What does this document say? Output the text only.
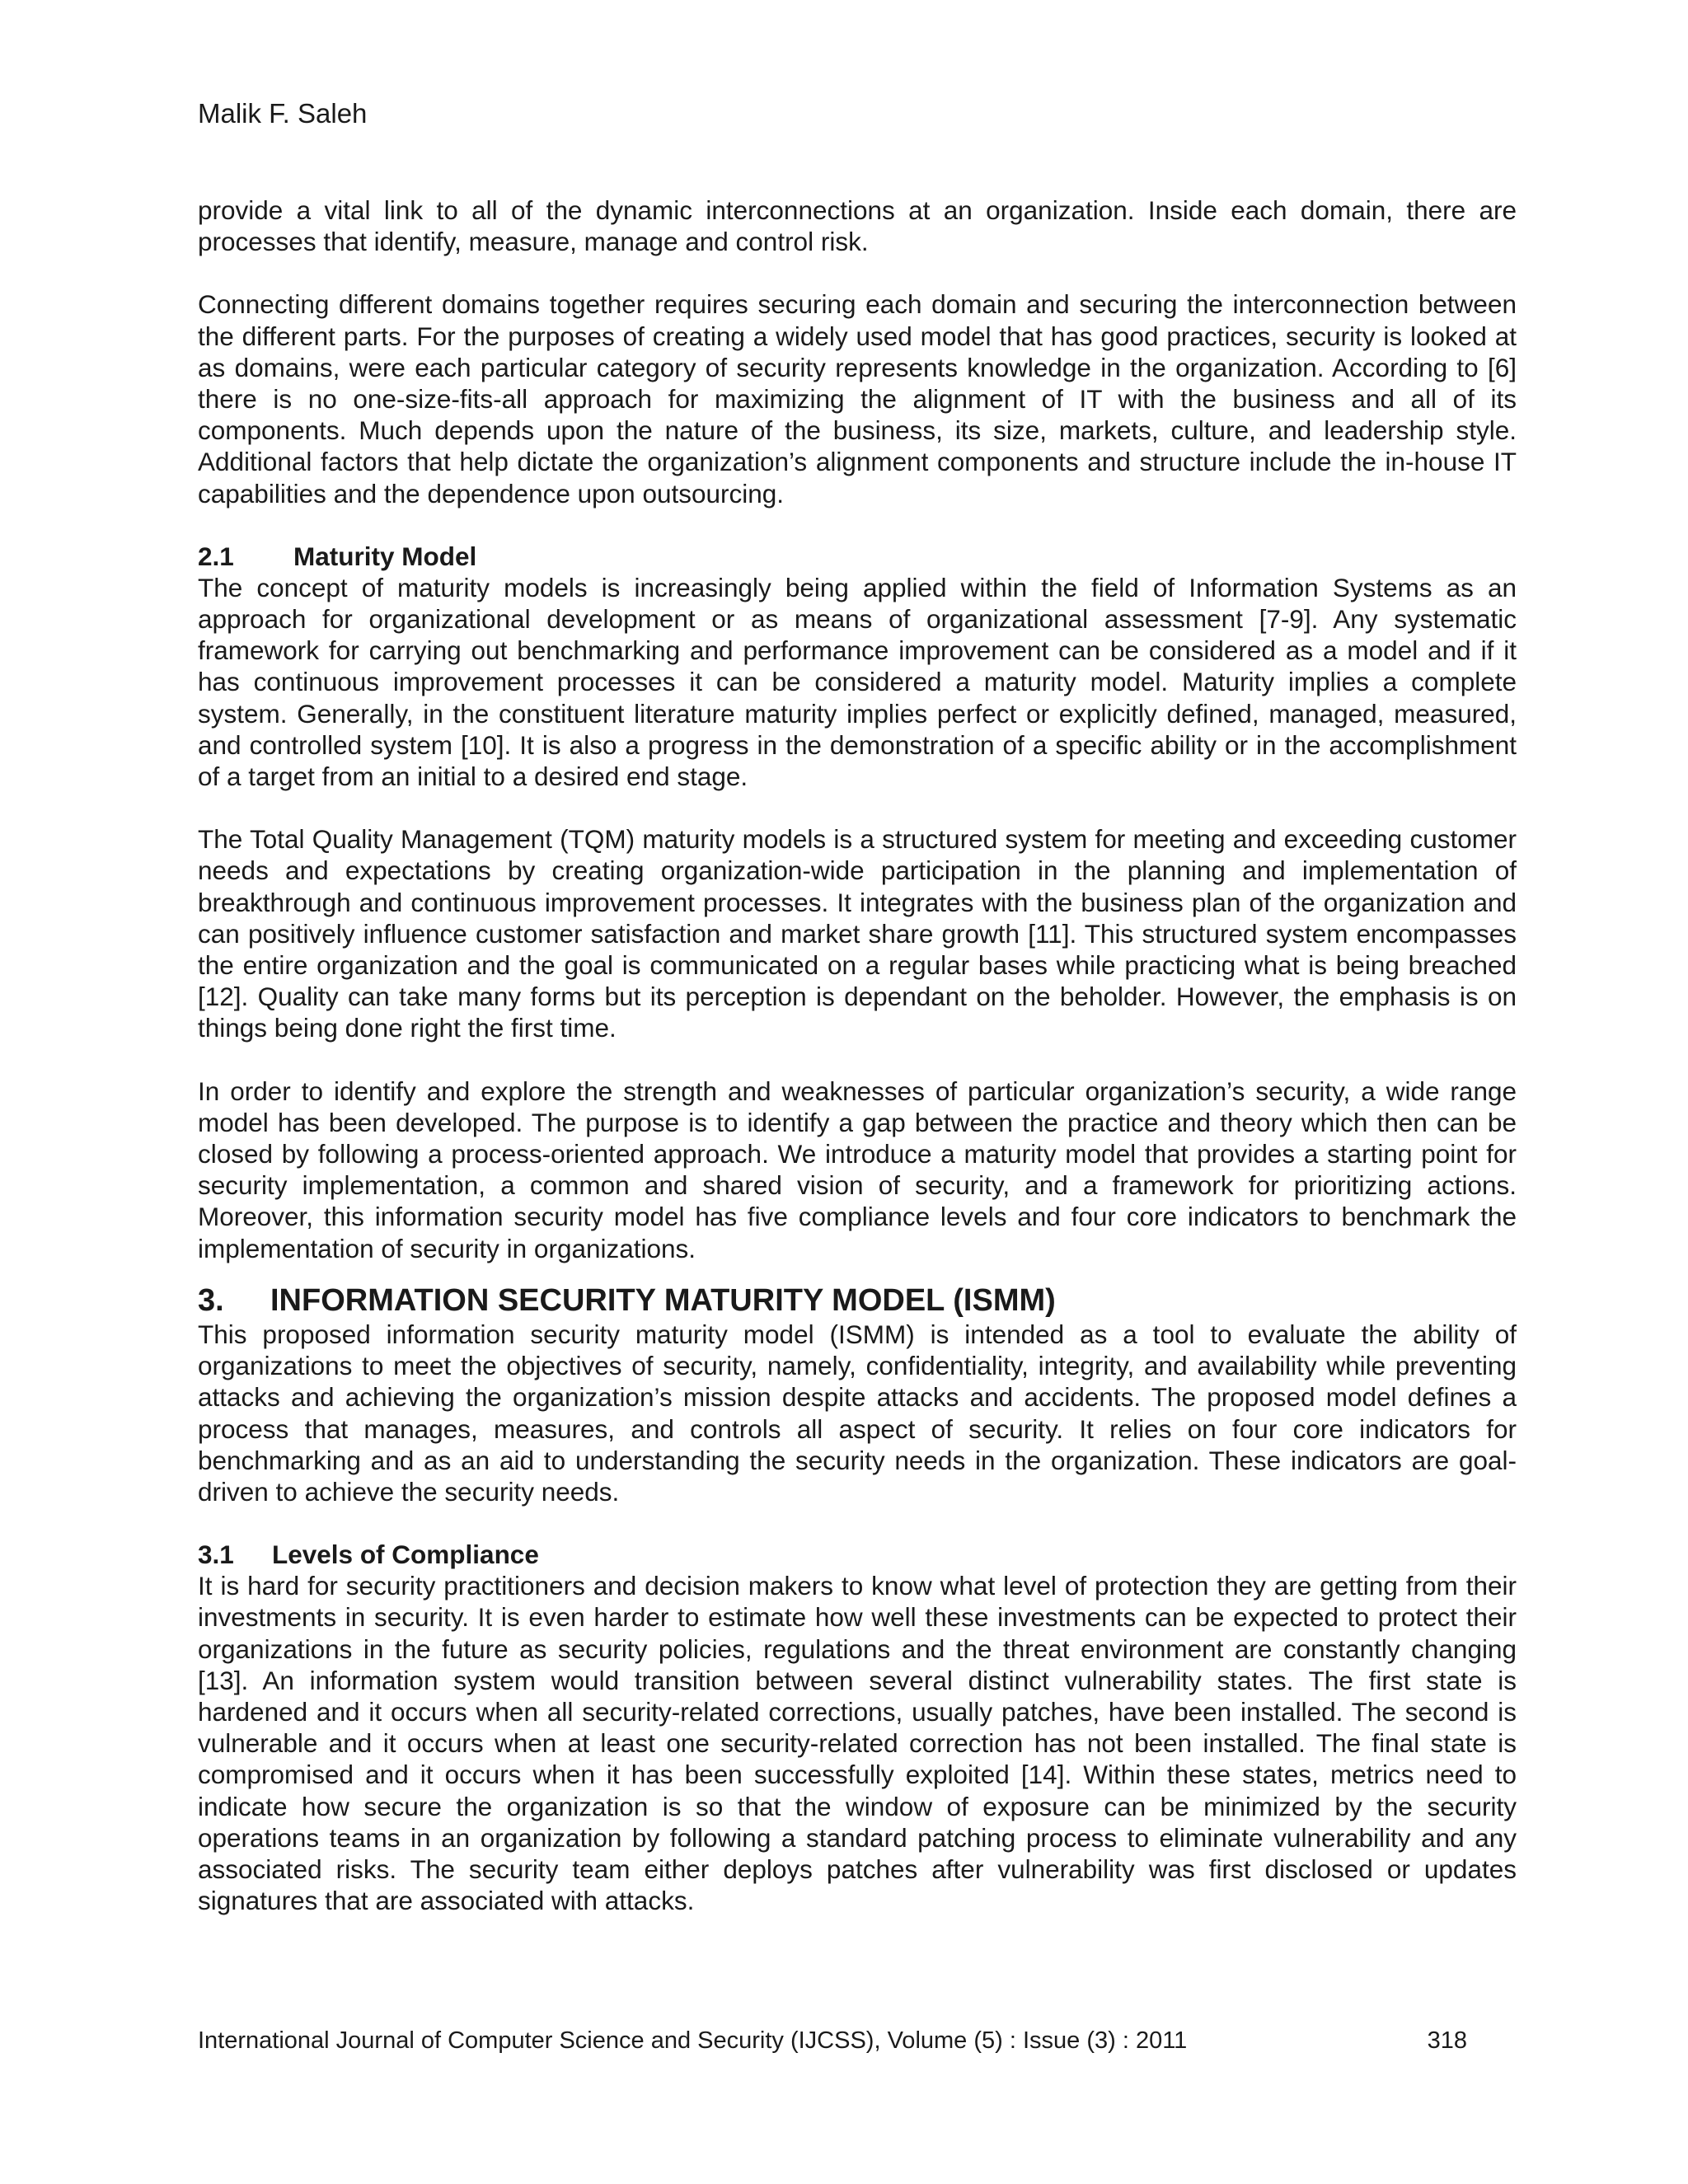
Malik F. Saleh

provide a vital link to all of the dynamic interconnections at an organization. Inside each domain, there are processes that identify, measure, manage and control risk.

Connecting different domains together requires securing each domain and securing the interconnection between the different parts. For the purposes of creating a widely used model that has good practices, security is looked at as domains, were each particular category of security represents knowledge in the organization. According to [6] there is no one-size-fits-all approach for maximizing the alignment of IT with the business and all of its components. Much depends upon the nature of the business, its size, markets, culture, and leadership style. Additional factors that help dictate the organization’s alignment components and structure include the in-house IT capabilities and the dependence upon outsourcing.

2.1	Maturity Model

The concept of maturity models is increasingly being applied within the field of Information Systems as an approach for organizational development or as means of organizational assessment [7-9]. Any systematic framework for carrying out benchmarking and performance improvement can be considered as a model and if it has continuous improvement processes it can be considered a maturity model. Maturity implies a complete system. Generally, in the constituent literature maturity implies perfect or explicitly defined, managed, measured, and controlled system [10]. It is also a progress in the demonstration of a specific ability or in the accomplishment of a target from an initial to a desired end stage.

The Total Quality Management (TQM) maturity models is a structured system for meeting and exceeding customer needs and expectations by creating organization-wide participation in the planning and implementation of breakthrough and continuous improvement processes. It integrates with the business plan of the organization and can positively influence customer satisfaction and market share growth [11]. This structured system encompasses the entire organization and the goal is communicated on a regular bases while practicing what is being breached [12]. Quality can take many forms but its perception is dependant on the beholder. However, the emphasis is on things being done right the first time.

In order to identify and explore the strength and weaknesses of particular organization’s security, a wide range model has been developed. The purpose is to identify a gap between the practice and theory which then can be closed by following a process-oriented approach. We introduce a maturity model that provides a starting point for security implementation, a common and shared vision of security, and a framework for prioritizing actions. Moreover, this information security model has five compliance levels and four core indicators to benchmark the implementation of security in organizations.

3.	INFORMATION SECURITY MATURITY MODEL (ISMM)

This proposed information security maturity model (ISMM) is intended as a tool to evaluate the ability of organizations to meet the objectives of security, namely, confidentiality, integrity, and availability while preventing attacks and achieving the organization’s mission despite attacks and accidents. The proposed model defines a process that manages, measures, and controls all aspect of security. It relies on four core indicators for benchmarking and as an aid to understanding the security needs in the organization. These indicators are goal-driven to achieve the security needs.

3.1	Levels of Compliance

It is hard for security practitioners and decision makers to know what level of protection they are getting from their investments in security. It is even harder to estimate how well these investments can be expected to protect their organizations in the future as security policies, regulations and the threat environment are constantly changing [13]. An information system would transition between several distinct vulnerability states. The first state is hardened and it occurs when all security-related corrections, usually patches, have been installed. The second is vulnerable and it occurs when at least one security-related correction has not been installed. The final state is compromised and it occurs when it has been successfully exploited [14]. Within these states, metrics need to indicate how secure the organization is so that the window of exposure can be minimized by the security operations teams in an organization by following a standard patching process to eliminate vulnerability and any associated risks. The security team either deploys patches after vulnerability was first disclosed or updates signatures that are associated with attacks.

International Journal of Computer Science and Security (IJCSS), Volume (5) : Issue (3) : 2011	318
